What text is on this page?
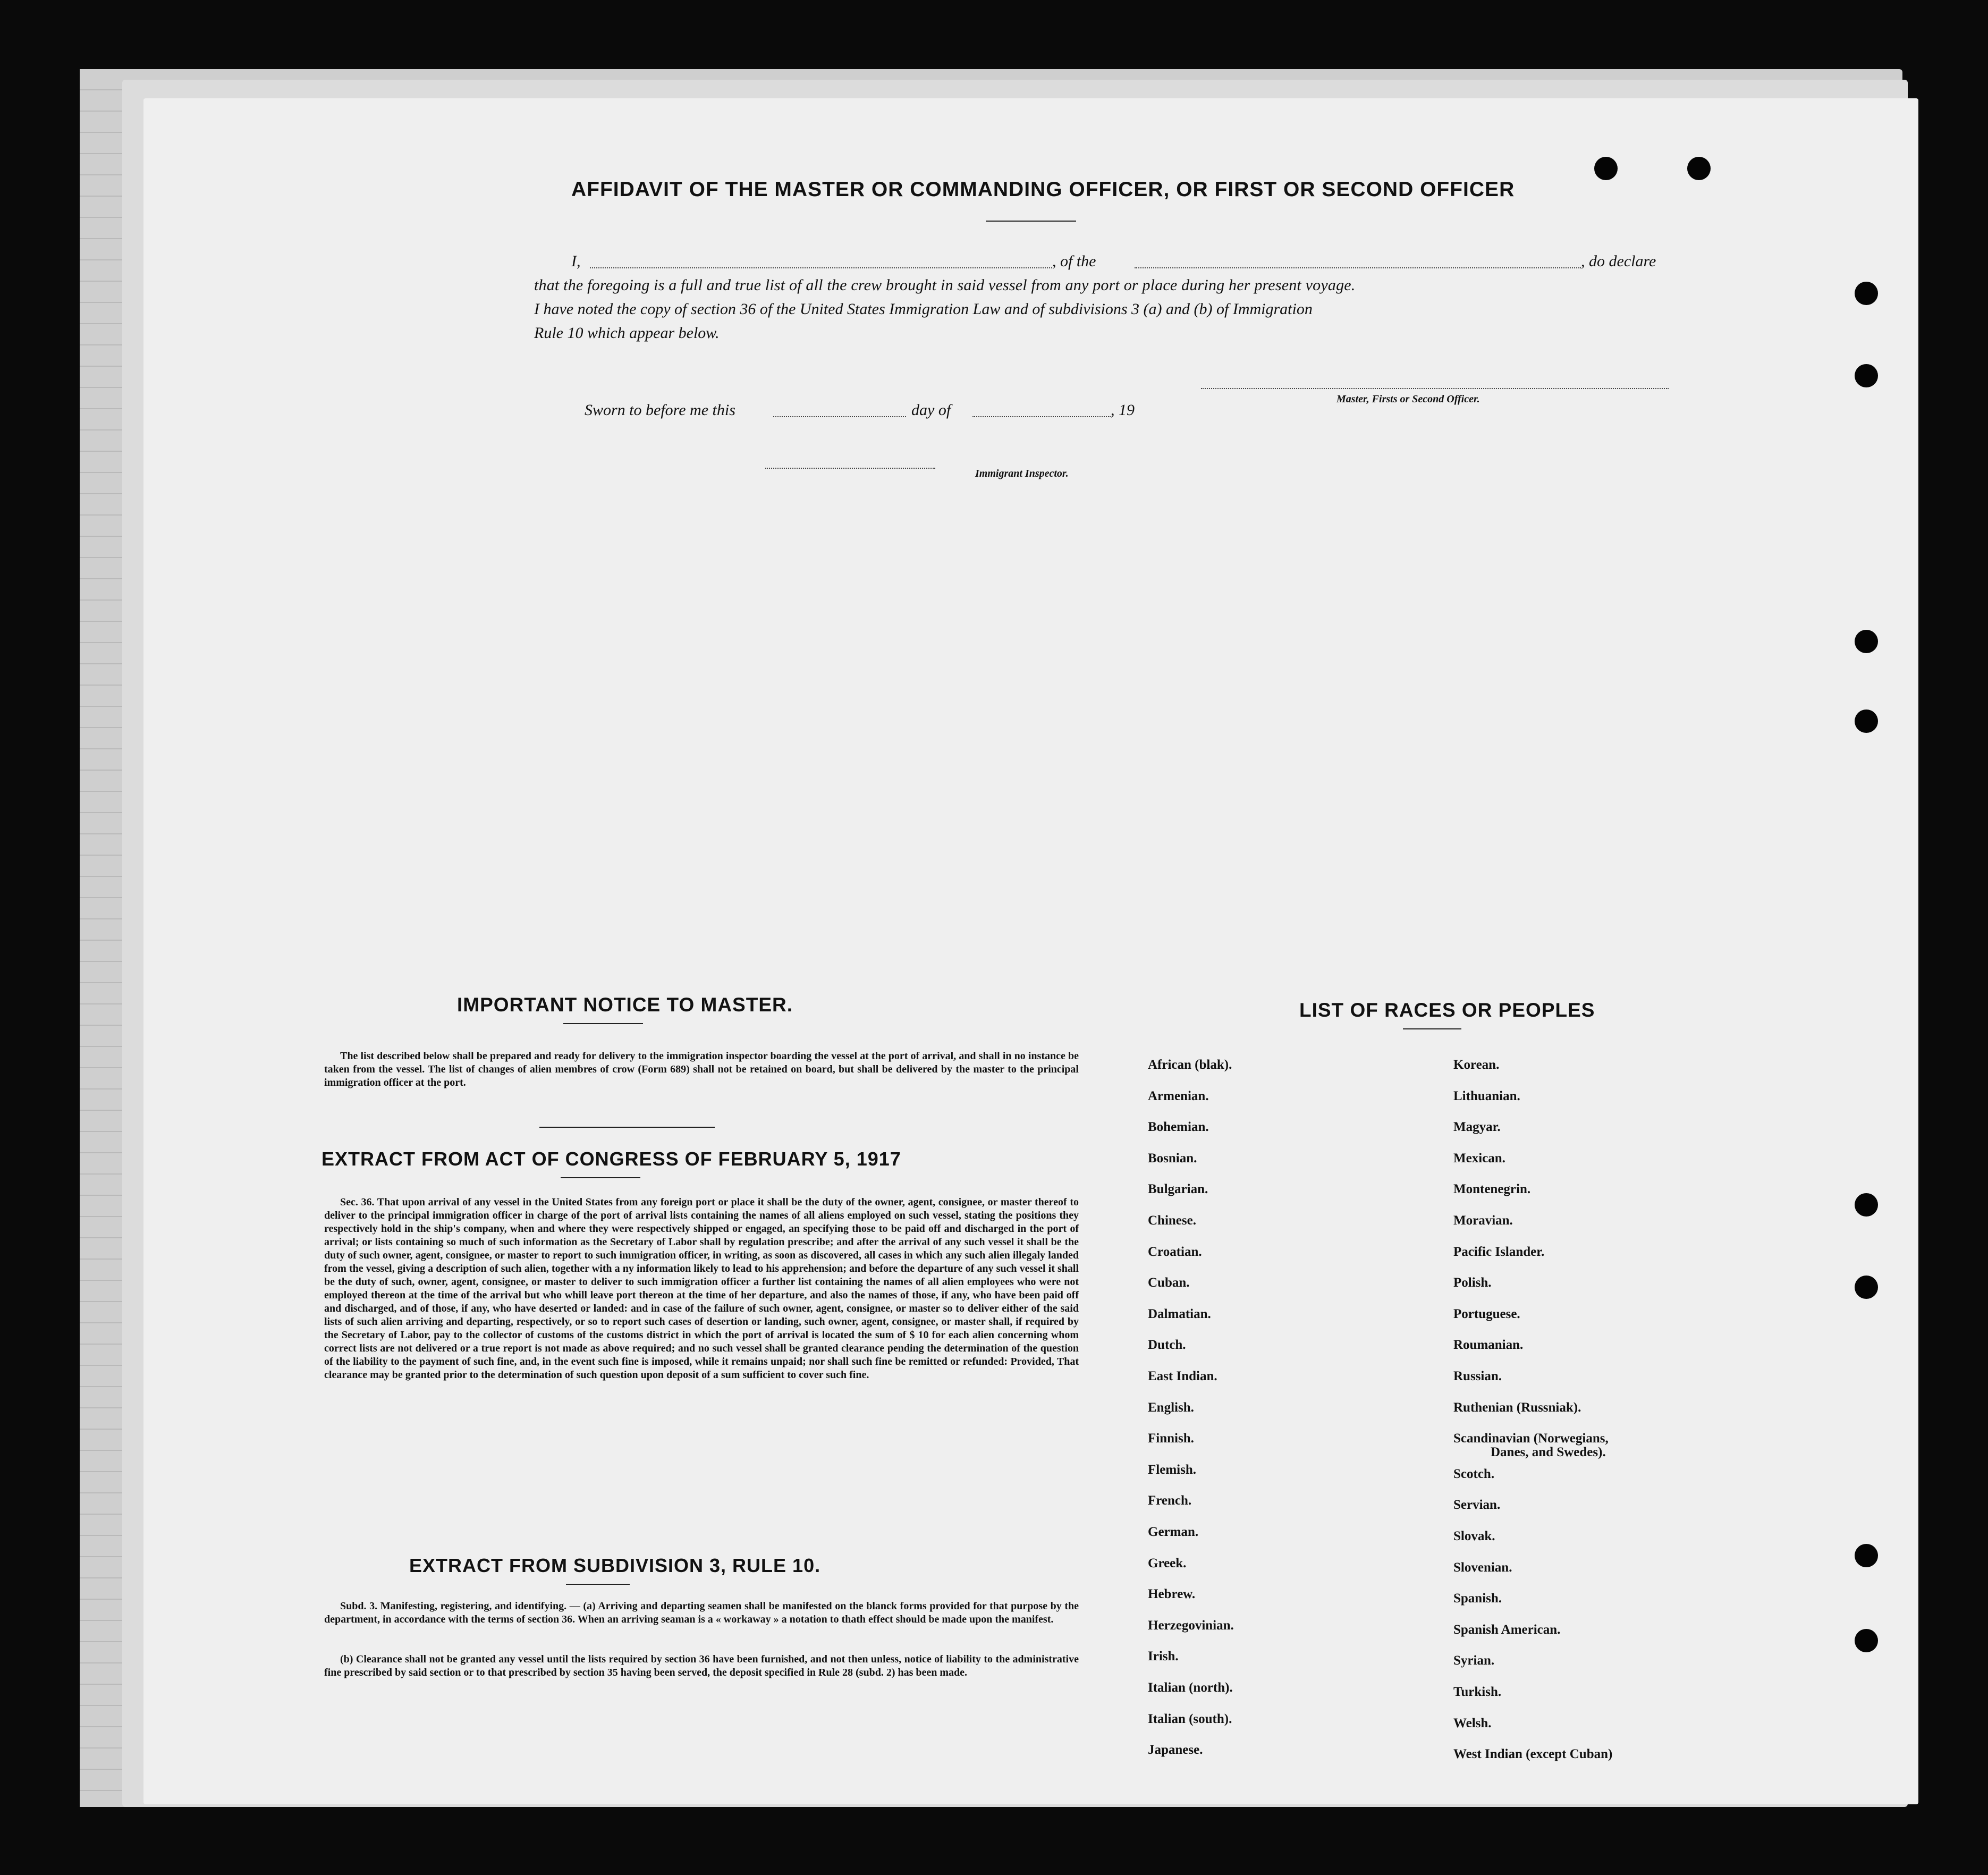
AFFIDAVIT OF THE MASTER OR COMMANDING OFFICER, OR FIRST OR SECOND OFFICER
I,	, of the	, do declare
that the foregoing is a full and true list of all the crew brought in said vessel from any port or place during her present voyage.
I have noted the copy of section 36 of the United States Immigration Law and of subdivisions 3 (a) and (b) of Immigration
Rule 10 which appear below.
Master, Firsts or Second Officer.
Sworn to before me this	day of	, 19
Immigrant Inspector.
IMPORTANT NOTICE TO MASTER.
The list described below shall be prepared and ready for delivery to the immigration inspector boarding the vessel at the port of arrival, and shall in no instance be taken from the vessel. The list of changes of alien membres of crow (Form 689) shall not be retained on board, but shall be delivered by the master to the principal immigration officer at the port.
EXTRACT FROM ACT OF CONGRESS OF FEBRUARY 5, 1917
Sec. 36. That upon arrival of any vessel in the United States from any foreign port or place it shall be the duty of the owner, agent, consignee, or master thereof to deliver to the principal immigration officer in charge of the port of arrival lists containing the names of all aliens employed on such vessel, stating the positions they respectively hold in the ship's company, when and where they were respectively shipped or engaged, an specifying those to be paid off and discharged in the port of arrival; or lists containing so much of such information as the Secretary of Labor shall by regulation prescribe; and after the arrival of any such vessel it shall be the duty of such owner, agent, consignee, or master to report to such immigration officer, in writing, as soon as discovered, all cases in which any such alien illegaly landed from the vessel, giving a description of such alien, together with a ny information likely to lead to his apprehension; and before the departure of any such vessel it shall be the duty of such, owner, agent, consignee, or master to deliver to such immigration officer a further list containing the names of all alien employees who were not employed thereon at the time of the arrival but who whill leave port thereon at the time of her departure, and also the names of those, if any, who have been paid off and discharged, and of those, if any, who have deserted or landed: and in case of the failure of such owner, agent, consignee, or master so to deliver either of the said lists of such alien arriving and departing, respectively, or so to report such cases of desertion or landing, such owner, agent, consignee, or master shall, if required by the Secretary of Labor, pay to the collector of customs of the customs district in which the port of arrival is located the sum of $ 10 for each alien concerning whom correct lists are not delivered or a true report is not made as above required; and no such vessel shall be granted clearance pending the determination of the question of the liability to the payment of such fine, and, in the event such fine is imposed, while it remains unpaid; nor shall such fine be remitted or refunded: Provided, That clearance may be granted prior to the determination of such question upon deposit of a sum sufficient to cover such fine.
EXTRACT FROM SUBDIVISION 3, RULE 10.
Subd. 3. Manifesting, registering, and identifying. — (a) Arriving and departing seamen shall be manifested on the blanck forms provided for that purpose by the department, in accordance with the terms of section 36. When an arriving seaman is a « workaway » a notation to thath effect should be made upon the manifest.
(b) Clearance shall not be granted any vessel until the lists required by section 36 have been furnished, and not then unless, notice of liability to the administrative fine prescribed by said section or to that prescribed by section 35 having been served, the deposit specified in Rule 28 (subd. 2) has been made.
LIST OF RACES OR PEOPLES
African (blak).
Armenian.
Bohemian.
Bosnian.
Bulgarian.
Chinese.
Croatian.
Cuban.
Dalmatian.
Dutch.
East Indian.
English.
Finnish.
Flemish.
French.
German.
Greek.
Hebrew.
Herzegovinian.
Irish.
Italian (north).
Italian (south).
Japanese.
Korean.
Lithuanian.
Magyar.
Mexican.
Montenegrin.
Moravian.
Pacific Islander.
Polish.
Portuguese.
Roumanian.
Russian.
Ruthenian (Russniak).
Scandinavian (Norwegians,
Danes, and Swedes).
Scotch.
Servian.
Slovak.
Slovenian.
Spanish.
Spanish American.
Syrian.
Turkish.
Welsh.
West Indian (except Cuban)
